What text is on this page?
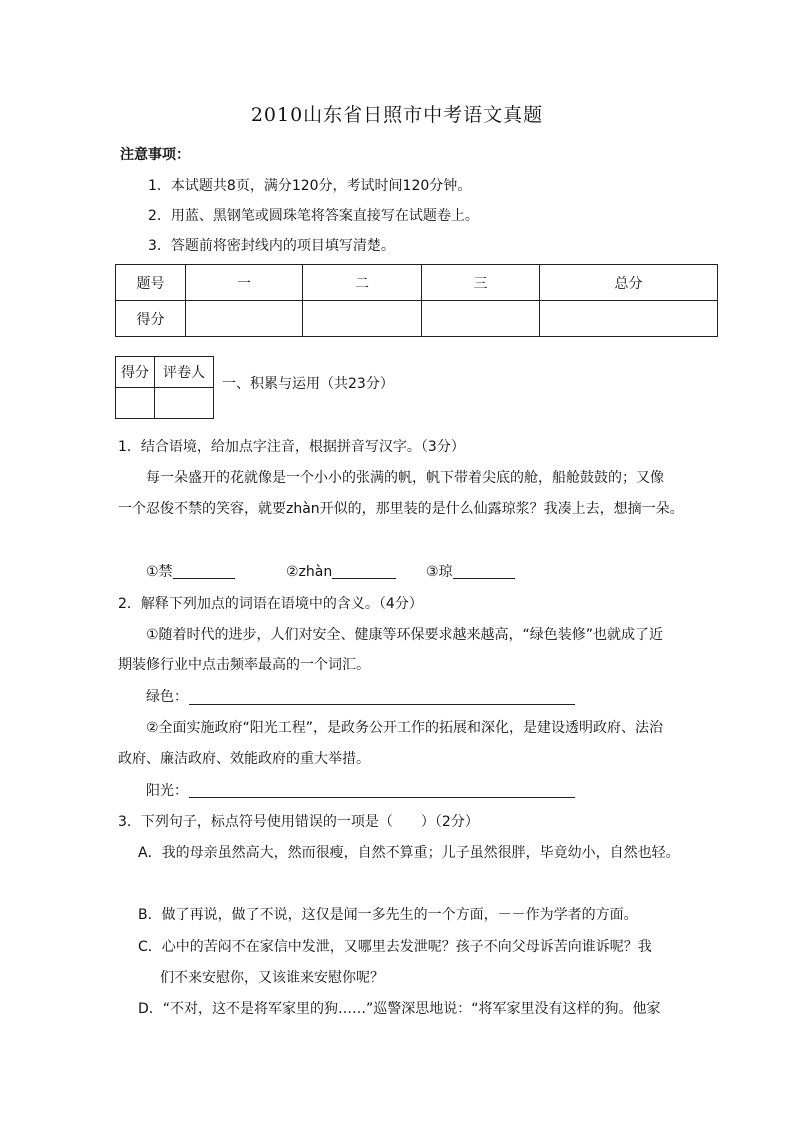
2010山东省日照市中考语文真题
注意事项：
1．本试题共8页，满分120分，考试时间120分钟。
2．用蓝、黑钢笔或圆珠笔将答案直接写在试题卷上。
3．答题前将密封线内的项目填写清楚。
题号	一	二	三	总分
得分				
得分	评卷人

一、积累与运用（共23分）
1．结合语境，给加点字注音，根据拼音写汉字。（3分）
每一朵盛开的花就像是一个小小的张满的帆，帆下带着尖底的舱，船舱鼓鼓的；又像
一个忍俊不禁的笑容，就要zhàn开似的，那里装的是什么仙露琼浆？我凑上去，想摘一朵。
①禁	②zhàn	③琼
2．解释下列加点的词语在语境中的含义。（4分）
①随着时代的进步，人们对安全、健康等环保要求越来越高，“绿色装修”也就成了近
期装修行业中点击频率最高的一个词汇。
绿色：
②全面实施政府“阳光工程”，是政务公开工作的拓展和深化，是建设透明政府、法治
政府、廉洁政府、效能政府的重大举措。
阳光：
3．下列句子，标点符号使用错误的一项是（　　）（2分）
A．我的母亲虽然高大，然而很瘦，自然不算重；儿子虽然很胖，毕竟幼小，自然也轻。
B．做了再说，做了不说，这仅是闻一多先生的一个方面，－－作为学者的方面。
C．心中的苦闷不在家信中发泄，又哪里去发泄呢？孩子不向父母诉苦向谁诉呢？我
们不来安慰你，又该谁来安慰你呢？
D．“不对，这不是将军家里的狗……”巡警深思地说：“将军家里没有这样的狗。他家
